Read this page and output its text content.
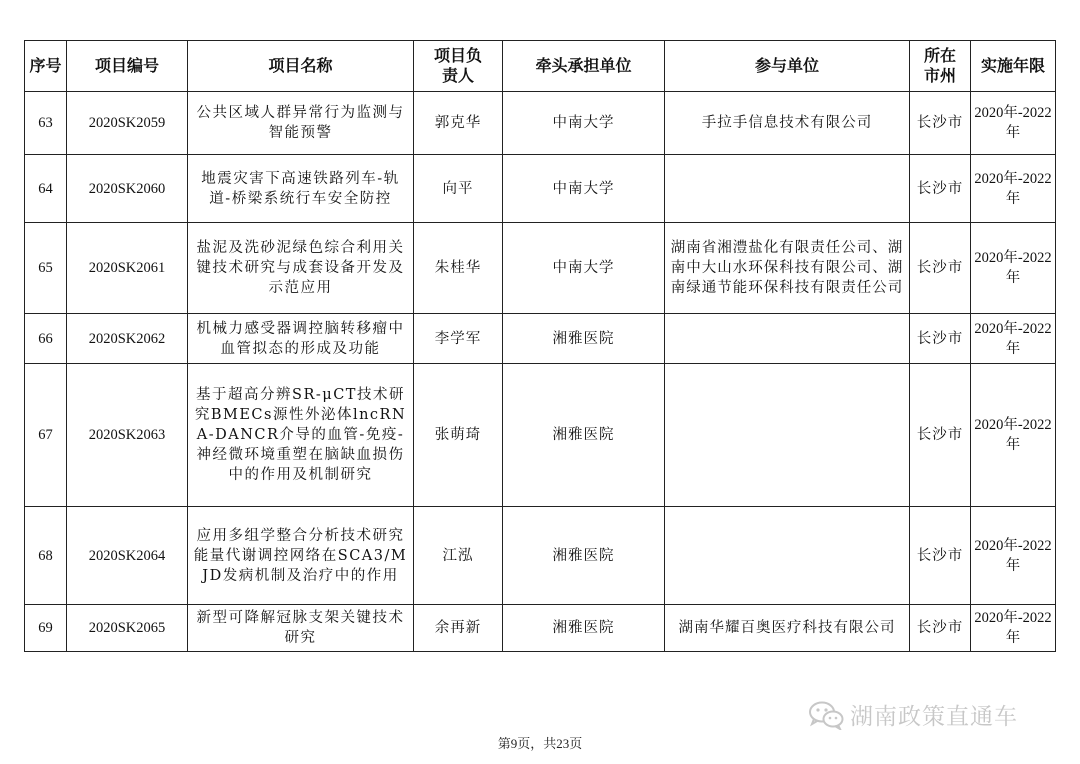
序号	项目编号	项目名称	项目负责人	牵头承担单位	参与单位	所在市州	实施年限
63	2020SK2059	公共区域人群异常行为监测与智能预警	郭克华	中南大学	手拉手信息技术有限公司	长沙市	2020年-2022年
64	2020SK2060	地震灾害下高速铁路列车-轨道-桥梁系统行车安全防控	向平	中南大学		长沙市	2020年-2022年
65	2020SK2061	盐泥及洗砂泥绿色综合利用关键技术研究与成套设备开发及示范应用	朱桂华	中南大学	湖南省湘澧盐化有限责任公司、湖南中大山水环保科技有限公司、湖南绿通节能环保科技有限责任公司	长沙市	2020年-2022年
66	2020SK2062	机械力感受器调控脑转移瘤中血管拟态的形成及功能	李学军	湘雅医院		长沙市	2020年-2022年
67	2020SK2063	基于超高分辨SR-μCT技术研究BMECs源性外泌体lncRNA-DANCR介导的血管-免疫-神经微环境重塑在脑缺血损伤中的作用及机制研究	张萌琦	湘雅医院		长沙市	2020年-2022年
68	2020SK2064	应用多组学整合分析技术研究能量代谢调控网络在SCA3/MJD发病机制及治疗中的作用	江泓	湘雅医院		长沙市	2020年-2022年
69	2020SK2065	新型可降解冠脉支架关键技术研究	余再新	湘雅医院	湖南华耀百奥医疗科技有限公司	长沙市	2020年-2022年
湖南政策直通车
第9页，共23页
